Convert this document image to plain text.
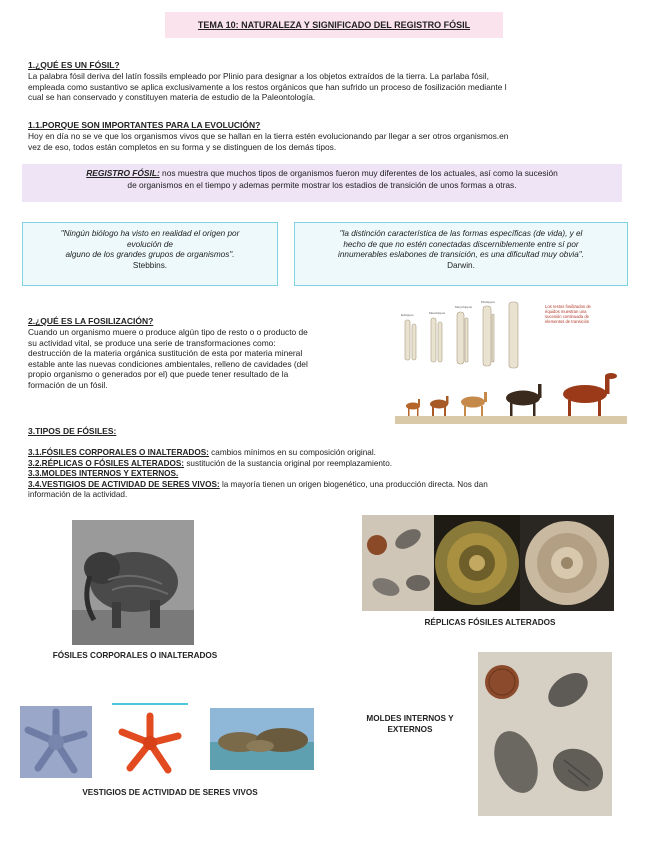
TEMA 10: NATURALEZA Y SIGNIFICADO DEL REGISTRO FÓSIL
1.¿QUÉ ES UN FÓSIL?
La palabra fósil deriva del latín fossils empleado por Plinio para designar a los objetos extraídos de la tierra. La parlaba fósil,
empleada como sustantivo se aplica exclusivamente a los restos orgánicos que han sufrido un proceso de fosilización mediante l
cual se han conservado y constituyen materia de estudio de la Paleontología.
1.1.PORQUE SON IMPORTANTES PARA LA EVOLUCIÓN?
Hoy en día no se ve que los organismos vivos que se hallan en la tierra estén evolucionando par llegar a ser otros organismos.en
vez de eso, todos están completos en su forma y se distinguen de los demás tipos.
REGISTRO FÓSIL: nos muestra que muchos tipos de organismos fueron muy diferentes de los actuales, así como la sucesión
de organismos en el tiempo y ademas permite mostrar los estadios de transición de unos formas a otras.
"Ningún biólogo ha visto en realidad el origen por
evolución de
alguno de los grandes grupos de organismos".
Stebbins.
"la distinción característica de las formas específicas (de vida), y el
hecho de que no estén conectadas discerniblemente entre sí por
innumerables eslabones de transición, es una dificultad muy obvia".
Darwin.
2.¿QUÉ ES LA FOSILIZACIÓN?
Cuando un organismo muere o produce algún tipo de resto o o producto de
su actividad vital, se produce una serie de transformaciones como:
destrucción de la materia orgánica sustitución de esta por materia mineral
estable ante las nuevas condiciones ambientales, relleno de cavidades (del
propio organismo o generados por el) que puede tener resultado de la
formación de un fósil.
Eohippus	Mesohippus
Merychippus
Pliohippus
Los restos fosilizados de
équidos muestran una
sucesión continuada de
elementos de transición
3.TIPOS DE FÓSILES:
3.1.FÓSILES CORPORALES O INALTERADOS: cambios mínimos en su composición original.
3.2.RÉPLICAS O FÓSILES ALTERADOS: sustitución de la sustancia original por reemplazamiento.
3.3.MOLDES INTERNOS Y EXTERNOS.
3.4.VESTIGIOS DE ACTIVIDAD DE SERES VIVOS: la mayoría tienen un origen biogenético, una producción directa. Nos dan
información de la actividad.
FÓSILES CORPORALES O INALTERADOS
RÉPLICAS FÓSILES ALTERADOS
MOLDES INTERNOS Y
EXTERNOS
VESTIGIOS DE ACTIVIDAD DE SERES VIVOS
